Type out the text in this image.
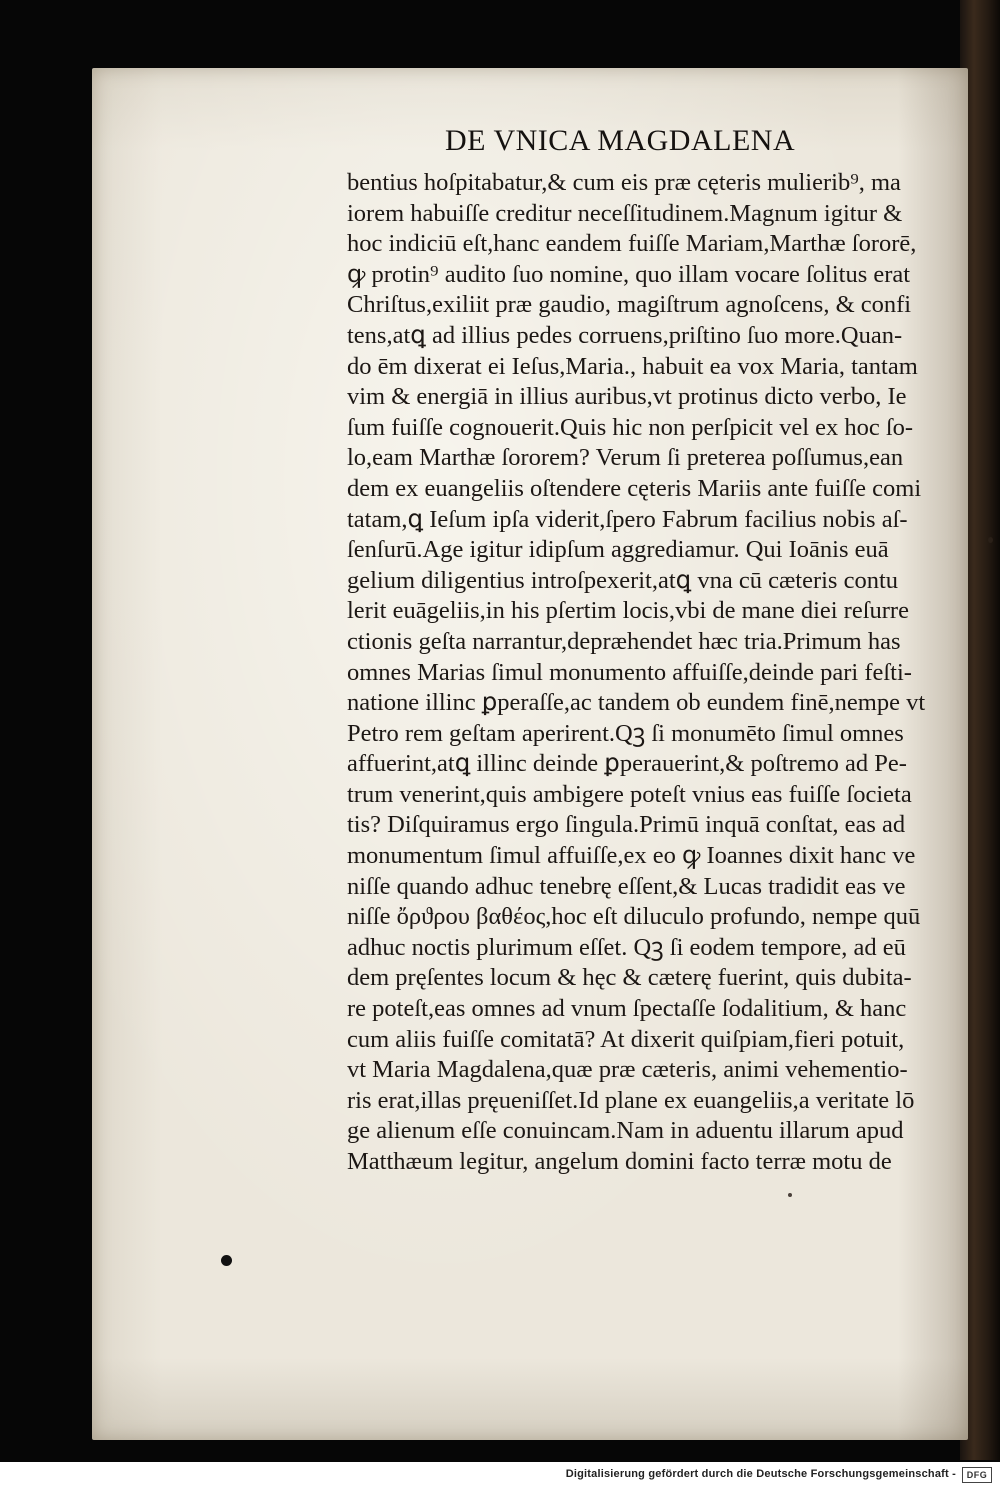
DE VNICA MAGDALENA
bentius hoſpitabatur,& cum eis præ cęteris mulierib⁹, ma
iorem habuiſſe creditur neceſſitudinem.Magnum igitur &
hoc indiciū eſt,hanc eandem fuiſſe Mariam,Marthæ ſororē,
ꝙ protin⁹ audito ſuo nomine, quo illam vocare ſolitus erat
Chriſtus,exiliit præ gaudio, magiſtrum agnoſcens, & confi
tens,atꝗ ad illius pedes corruens,priſtino ſuo more.Quan-
do ēm dixerat ei Ieſus,Maria., habuit ea vox Maria, tantam
vim & energiā in illius auribus,vt protinus dicto verbo, Ie
ſum fuiſſe cognouerit.Quis hic non perſpicit vel ex hoc ſo-
lo,eam Marthæ ſororem? Verum ſi preterea poſſumus,ean
dem ex euangeliis oſtendere cęteris Mariis ante fuiſſe comi
tatam,ꝗ Ieſum ipſa viderit,ſpero Fabrum facilius nobis aſ-
ſenſurū.Age igitur idipſum aggrediamur. Qui Ioānis euā
gelium diligentius introſpexerit,atꝗ vna cū cæteris contu
lerit euāgeliis,in his pſertim locis,vbi de mane diei reſurre
ctionis geſta narrantur,depræhendet hæc tria.Primum has
omnes Marias ſimul monumento affuiſſe,deinde pari feſti-
natione illinc ꝑperaſſe,ac tandem ob eundem finē,nempe vt
Petro rem geſtam aperirent.Qꝫ ſi monumēto ſimul omnes
affuerint,atꝗ illinc deinde ꝑperauerint,& poſtremo ad Pe-
trum venerint,quis ambigere poteſt vnius eas fuiſſe ſocieta
tis? Diſquiramus ergo ſingula.Primū inquā conſtat, eas ad
monumentum ſimul affuiſſe,ex eo ꝙ Ioannes dixit hanc ve
niſſe quando adhuc tenebrę eſſent,& Lucas tradidit eas ve
niſſe ὄρϑρου βαθέος,hoc eſt diluculo profundo, nempe quū
adhuc noctis plurimum eſſet. Qꝫ ſi eodem tempore, ad eū
dem pręſentes locum & hęc & cæterę fuerint, quis dubita-
re poteſt,eas omnes ad vnum ſpectaſſe ſodalitium, & hanc
cum aliis fuiſſe comitatā? At dixerit quiſpiam,fieri potuit,
vt Maria Magdalena,quæ præ cæteris, animi vehementio-
ris erat,illas pręueniſſet.Id plane ex euangeliis,a veritate lō
ge alienum eſſe conuincam.Nam in aduentu illarum apud
Matthæum legitur, angelum domini facto terræ motu de
Digitalisierung gefördert durch die Deutsche Forschungsgemeinschaft -	DFG
